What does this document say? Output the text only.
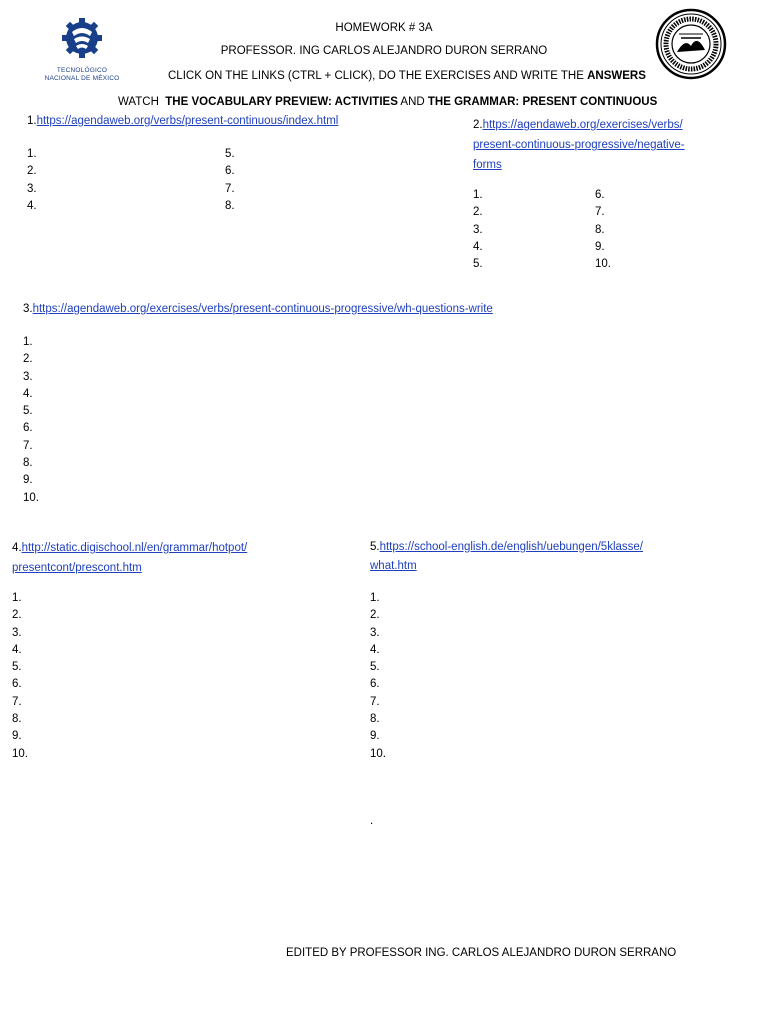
TECNOLÓGICO
NACIONAL DE MÉXICO
HOMEWORK # 3A
PROFESSOR. ING CARLOS ALEJANDRO DURON SERRANO
CLICK ON THE LINKS (CTRL + CLICK), DO THE EXERCISES AND WRITE THE ANSWERS
WATCH THE VOCABULARY PREVIEW: ACTIVITIES AND THE GRAMMAR: PRESENT CONTINUOUS
1.https://agendaweb.org/verbs/present-continuous/index.html
1.
2.
3.
4.
5.
6.
7.
8.
2.https://agendaweb.org/exercises/verbs/
present-continuous-progressive/negative-
forms
1.
2.
3.
4.
5.
6.
7.
8.
9.
10.
3.https://agendaweb.org/exercises/verbs/present-continuous-progressive/wh-questions-write
1.
2.
3.
4.
5.
6.
7.
8.
9.
10.
4.http://static.digischool.nl/en/grammar/hotpot/
presentcont/prescont.htm
1.
2.
3.
4.
5.
6.
7.
8.
9.
10.
5.https://school-english.de/english/uebungen/5klasse/
what.htm
1.
2.
3.
4.
5.
6.
7.
8.
9.
10.
.
EDITED BY PROFESSOR ING. CARLOS ALEJANDRO DURON SERRANO
